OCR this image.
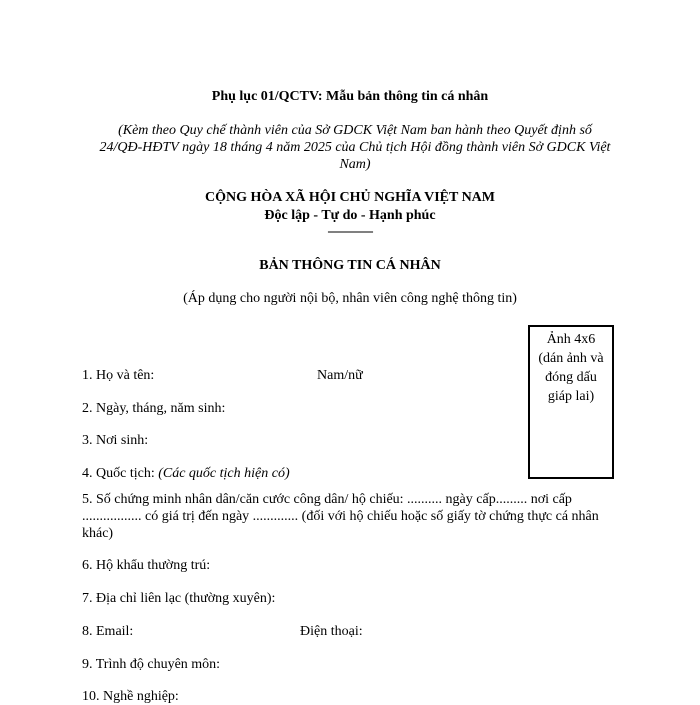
Phụ lục 01/QCTV: Mẫu bản thông tin cá nhân
(Kèm theo Quy chế thành viên của Sở GDCK Việt Nam ban hành theo Quyết định số 24/QĐ-HĐTV ngày 18 tháng 4 năm 2025 của Chủ tịch Hội đồng thành viên Sở GDCK Việt Nam)
CỘNG HÒA XÃ HỘI CHỦ NGHĨA VIỆT NAM
Độc lập - Tự do - Hạnh phúc
---------------
BẢN THÔNG TIN CÁ NHÂN
(Áp dụng cho người nội bộ, nhân viên công nghệ thông tin)
Ảnh 4x6 (dán ảnh và đóng dấu giáp lai)
1. Họ và tên:	Nam/nữ
2. Ngày, tháng, năm sinh:
3. Nơi sinh:
4. Quốc tịch: (Các quốc tịch hiện có)
5. Số chứng minh nhân dân/căn cước công dân/ hộ chiếu: .......... ngày cấp......... nơi cấp ................. có giá trị đến ngày ............. (đối với hộ chiếu hoặc số giấy tờ chứng thực cá nhân khác)
6. Hộ khẩu thường trú:
7. Địa chỉ liên lạc (thường xuyên):
8. Email:	Điện thoại:
9. Trình độ chuyên môn:
10. Nghề nghiệp:
